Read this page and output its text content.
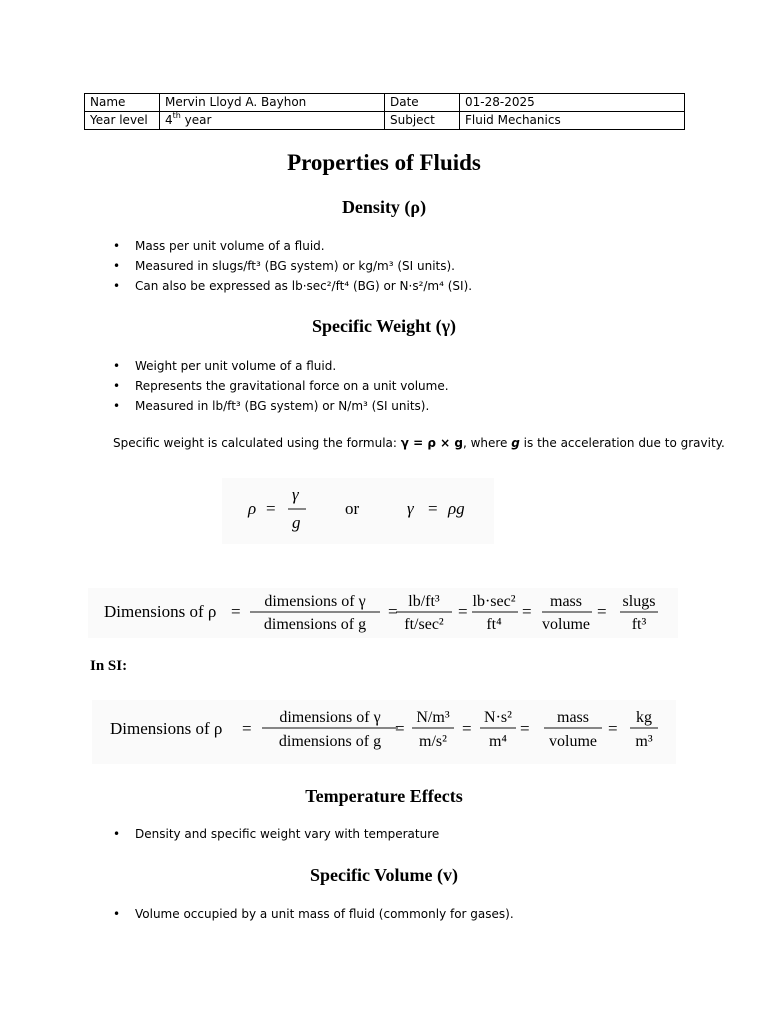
Name	Mervin Lloyd A. Bayhon	Date	01-28-2025
Year level	4th year	Subject	Fluid Mechanics
Properties of Fluids
Density (ρ)
• Mass per unit volume of a fluid.
• Measured in slugs/ft³ (BG system) or kg/m³ (SI units).
• Can also be expressed as lb·sec²/ft⁴ (BG) or N·s²/m⁴ (SI).
Specific Weight (γ)
• Weight per unit volume of a fluid.
• Represents the gravitational force on a unit volume.
• Measured in lb/ft³ (BG system) or N/m³ (SI units).
Specific weight is calculated using the formula: γ = ρ × g, where g is the acceleration due to gravity.
ρ =
γ
g
or	γ = ρg
Dimensions of ρ =
dimensions of γ
dimensions of g
=
lb/ft³
ft/sec²
=
lb·sec²
ft⁴
=
mass
volume
=
slugs
ft³
In SI:
Dimensions of ρ =
dimensions of γ
dimensions of g
=
N/m³
m/s²
=
N·s²
m⁴
=
mass
volume
=
kg
m³
Temperature Effects
• Density and specific weight vary with temperature
Specific Volume (v)
• Volume occupied by a unit mass of fluid (commonly for gases).
